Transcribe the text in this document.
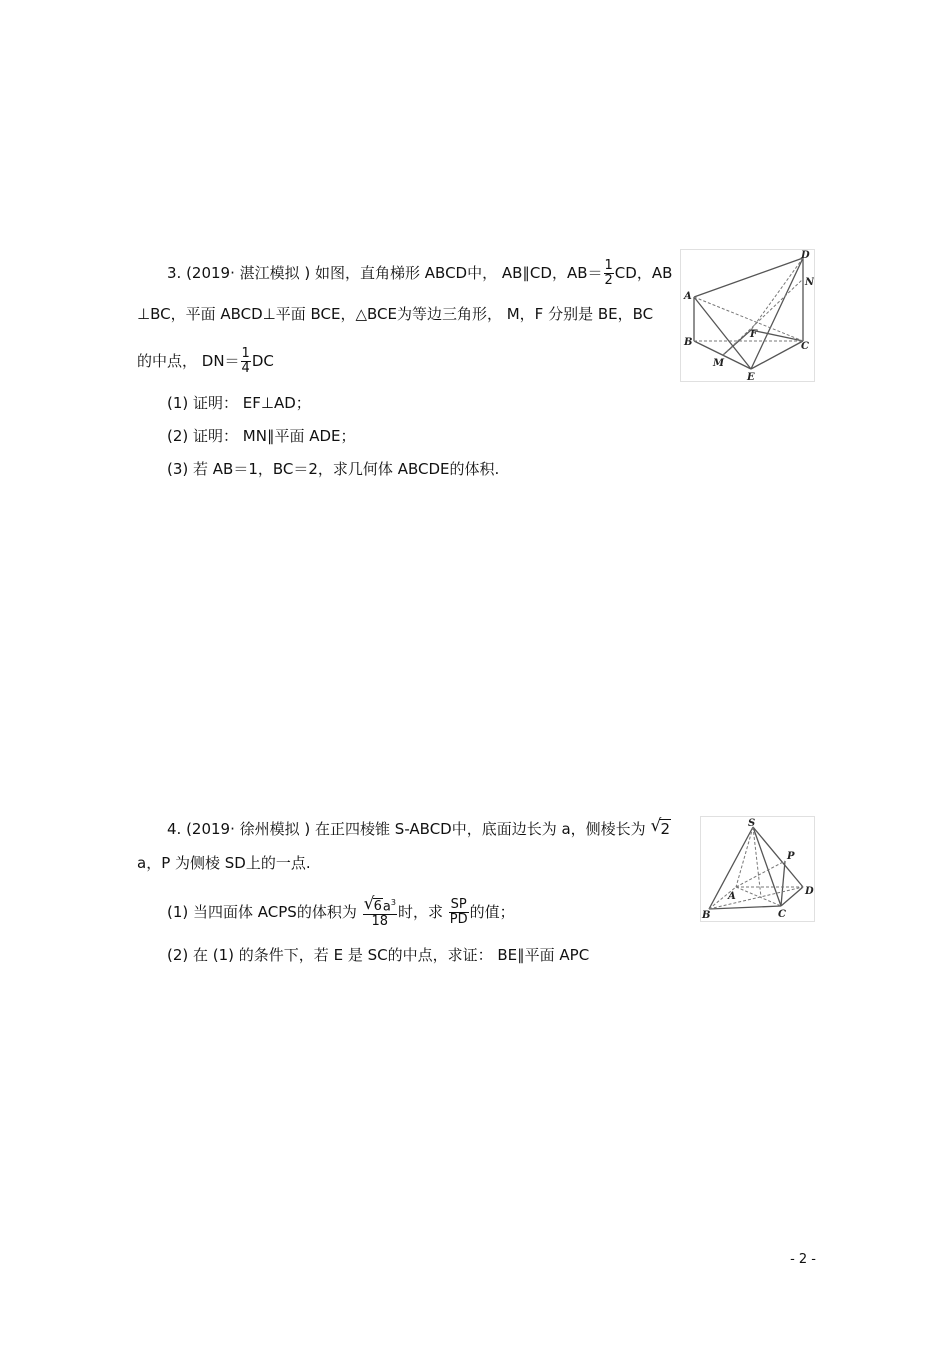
3. (2019· 湛江模拟 ) 如图，直角梯形 ABCD中， AB∥CD，$AB= \frac{1}{2}$ CD，AB
⊥BC，平面 ABCD⊥平面 BCE，△BCE为等边三角形， M，F 分别是 BE，BC
的中点， $DN= \frac{1}{4}$ DC
(1) 证明： EF⊥AD；
(2) 证明： MN∥平面 ADE；
(3) 若 AB＝1，BC＝2，求几何体 ABCDE的体积.
A
B	C
D
E
F
M
N
4. (2019· 徐州模拟 ) 在正四棱锥 S-ABCD中，底面边长为 a，侧棱长为 √ 2
a，P 为侧棱 SD上的一点.
(1) 当四面体 ACPS的体积为 $\frac{√ 6a^3}{18}$ 时，求 $\frac{SP}{PD}$ 的值；
(2) 在 (1) 的条件下，若 E 是 SC的中点，求证： BE∥平面 APC
S
P
A
B	C
D
- 2 -
